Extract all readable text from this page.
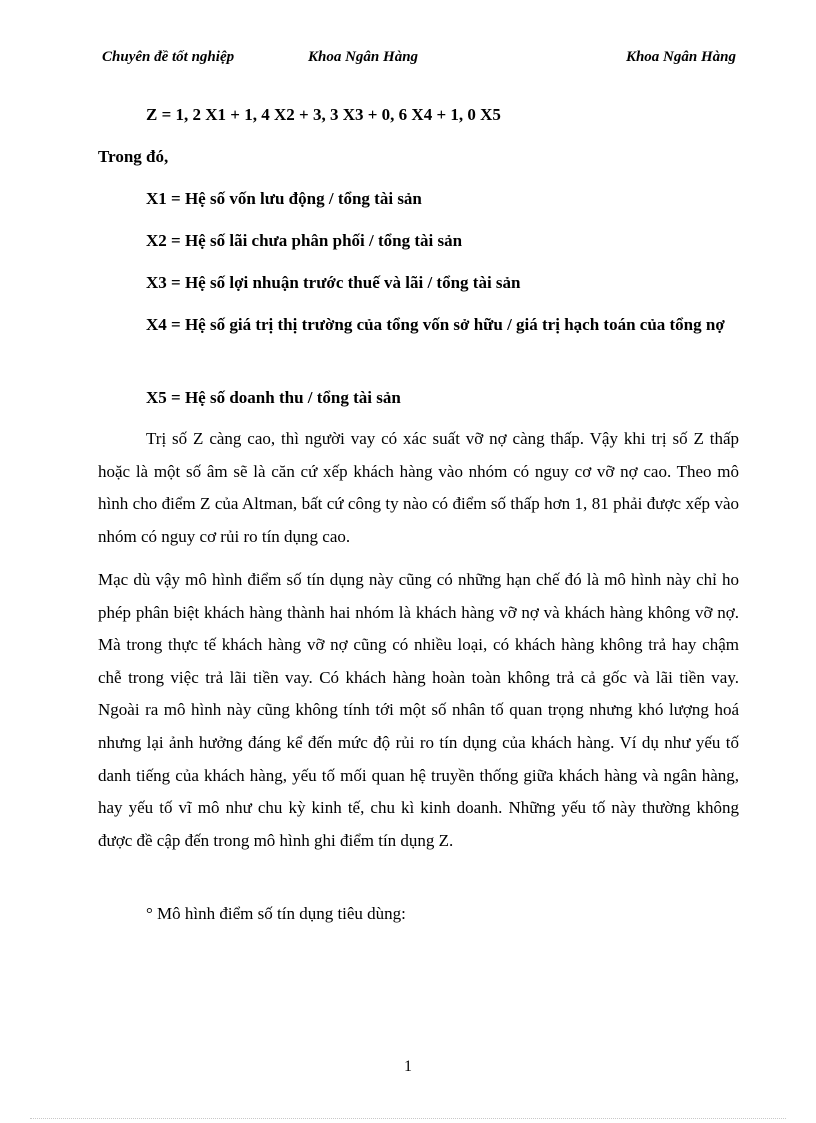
Chuyên đề tốt nghiệp	Khoa Ngân Hàng	Khoa Ngân Hàng
Z = 1, 2 X1 + 1, 4 X2 + 3, 3 X3 + 0, 6 X4 + 1, 0 X5
Trong đó,
X1 = Hệ số vốn lưu động / tổng tài sản
X2 = Hệ số lãi chưa phân phối / tổng tài sản
X3 = Hệ số lợi nhuận trước thuế và lãi / tổng tài sản
X4 = Hệ số giá trị thị trường của tổng vốn sở hữu / giá trị hạch toán của tổng nợ
X5 = Hệ số doanh thu / tổng tài sản
Trị số Z càng cao, thì người vay có xác suất vỡ nợ càng thấp. Vậy khi trị số Z thấp hoặc là một số âm sẽ là căn cứ xếp khách hàng vào nhóm có nguy cơ vỡ nợ cao. Theo mô hình cho điểm Z của Altman, bất cứ công ty nào có điểm số thấp hơn 1, 81 phải được xếp vào nhóm có nguy cơ rủi ro tín dụng cao.
Mạc dù vậy mô hình điểm số tín dụng này cũng có những hạn chế đó là mô hình này chỉ ho phép phân biệt khách hàng thành hai nhóm là khách hàng vỡ nợ và khách hàng không vỡ nợ. Mà trong thực tế khách hàng vỡ nợ cũng có nhiều loại, có khách hàng không trả hay chậm chễ trong việc trả lãi tiền vay. Có khách hàng hoàn toàn không trả cả gốc và lãi tiền vay. Ngoài ra mô hình này cũng không tính tới một số nhân tố quan trọng nhưng khó lượng hoá nhưng lại ảnh hưởng đáng kể đến mức độ rủi ro tín dụng của khách hàng. Ví dụ như yếu tố danh tiếng của khách hàng, yếu tố mối quan hệ truyền thống giữa khách hàng và ngân hàng, hay yếu tố vĩ mô như chu kỳ kinh tế, chu kì kinh doanh. Những yếu tố này thường không được đề cập đến trong mô hình ghi điểm tín dụng Z.
° Mô hình điểm số tín dụng tiêu dùng:
1
